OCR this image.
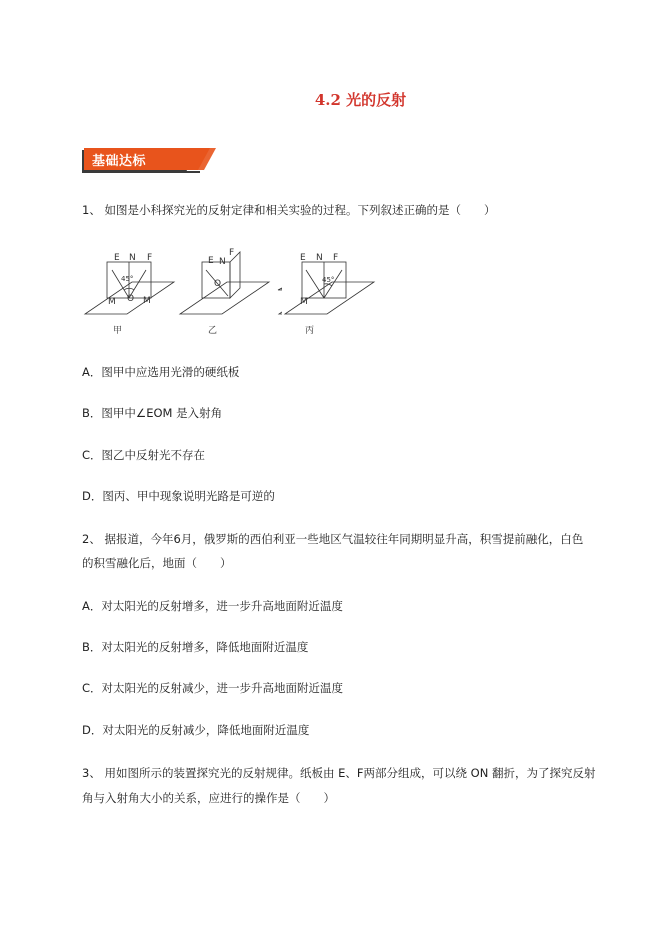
4.2 光的反射
基础达标
1、 如图是小科探究光的反射定律和相关实验的过程。下列叙述正确的是（　　）
E N F
45°
M O M
E N
F
O
E N F
45°
M
甲	乙	丙
A．图甲中应选用光滑的硬纸板
B．图甲中∠EOM 是入射角
C．图乙中反射光不存在
D．图丙、甲中现象说明光路是可逆的
2、 据报道，今年6月，俄罗斯的西伯利亚一些地区气温较往年同期明显升高，积雪提前融化，白色
的积雪融化后，地面（　　）
A．对太阳光的反射增多，进一步升高地面附近温度
B．对太阳光的反射增多，降低地面附近温度
C．对太阳光的反射减少，进一步升高地面附近温度
D．对太阳光的反射减少，降低地面附近温度
3、 用如图所示的装置探究光的反射规律。纸板由 E、F两部分组成，可以绕 ON 翻折，为了探究反射
角与入射角大小的关系，应进行的操作是（　　）
